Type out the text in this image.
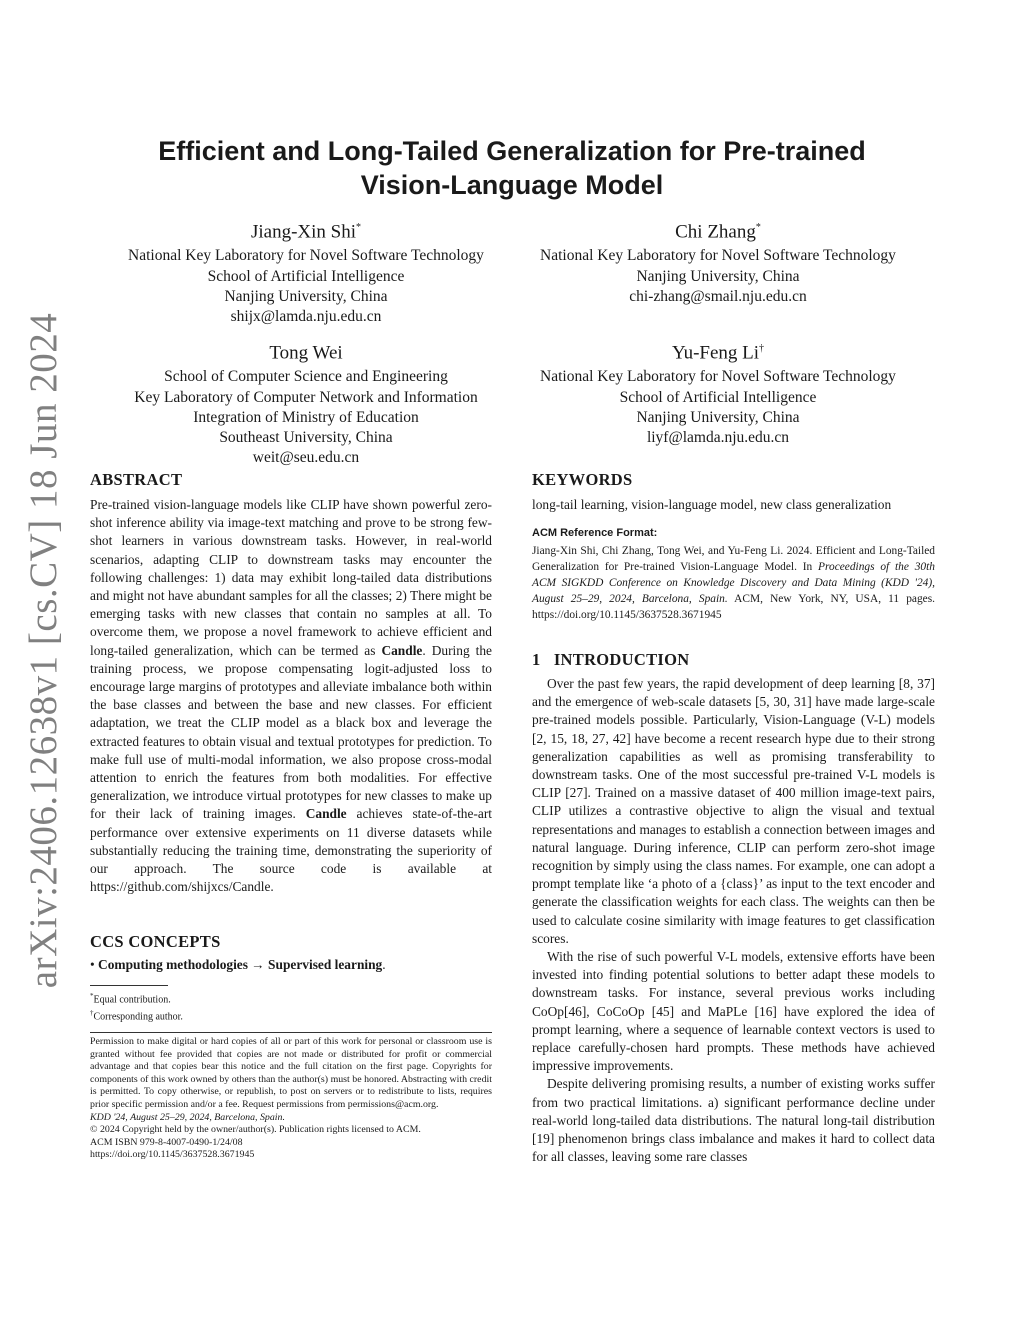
arXiv:2406.12638v1 [cs.CV] 18 Jun 2024
Efficient and Long-Tailed Generalization for Pre-trained
Vision-Language Model
Jiang-Xin Shi*
National Key Laboratory for Novel Software Technology
School of Artificial Intelligence
Nanjing University, China
shijx@lamda.nju.edu.cn
Chi Zhang*
National Key Laboratory for Novel Software Technology
Nanjing University, China
chi-zhang@smail.nju.edu.cn
Tong Wei
School of Computer Science and Engineering
Key Laboratory of Computer Network and Information
Integration of Ministry of Education
Southeast University, China
weit@seu.edu.cn
Yu-Feng Li†
National Key Laboratory for Novel Software Technology
School of Artificial Intelligence
Nanjing University, China
liyf@lamda.nju.edu.cn
ABSTRACT

Pre-trained vision-language models like CLIP have shown powerful zero-shot inference ability via image-text matching and prove to be strong few-shot learners in various downstream tasks. However, in real-world scenarios, adapting CLIP to downstream tasks may encounter the following challenges: 1) data may exhibit long-tailed data distributions and might not have abundant samples for all the classes; 2) There might be emerging tasks with new classes that contain no samples at all. To overcome them, we propose a novel framework to achieve efficient and long-tailed generalization, which can be termed as Candle. During the training process, we propose compensating logit-adjusted loss to encourage large margins of prototypes and alleviate imbalance both within the base classes and between the base and new classes. For efficient adaptation, we treat the CLIP model as a black box and leverage the extracted features to obtain visual and textual prototypes for prediction. To make full use of multi-modal information, we also propose cross-modal attention to enrich the features from both modalities. For effective generalization, we introduce virtual prototypes for new classes to make up for their lack of training images. Candle achieves state-of-the-art performance over extensive experiments on 11 diverse datasets while substantially reducing the training time, demonstrating the superiority of our approach. The source code is available at https://github.com/shijxcs/Candle.

CCS CONCEPTS
• Computing methodologies → Supervised learning.
*Equal contribution.
†Corresponding author.
Permission to make digital or hard copies of all or part of this work for personal or classroom use is granted without fee provided that copies are not made or distributed for profit or commercial advantage and that copies bear this notice and the full citation on the first page. Copyrights for components of this work owned by others than the author(s) must be honored. Abstracting with credit is permitted. To copy otherwise, or republish, to post on servers or to redistribute to lists, requires prior specific permission and/or a fee. Request permissions from permissions@acm.org.
KDD '24, August 25–29, 2024, Barcelona, Spain.
© 2024 Copyright held by the owner/author(s). Publication rights licensed to ACM.
ACM ISBN 979-8-4007-0490-1/24/08
https://doi.org/10.1145/3637528.3671945
KEYWORDS
long-tail learning, vision-language model, new class generalization
ACM Reference Format:
Jiang-Xin Shi, Chi Zhang, Tong Wei, and Yu-Feng Li. 2024. Efficient and Long-Tailed Generalization for Pre-trained Vision-Language Model. In Proceedings of the 30th ACM SIGKDD Conference on Knowledge Discovery and Data Mining (KDD '24), August 25–29, 2024, Barcelona, Spain. ACM, New York, NY, USA, 11 pages. https://doi.org/10.1145/3637528.3671945
1   INTRODUCTION

Over the past few years, the rapid development of deep learning [8, 37] and the emergence of web-scale datasets [5, 30, 31] have made large-scale pre-trained models possible. Particularly, Vision-Language (V-L) models [2, 15, 18, 27, 42] have become a recent research hype due to their strong generalization capabilities as well as promising transferability to downstream tasks. One of the most successful pre-trained V-L models is CLIP [27]. Trained on a massive dataset of 400 million image-text pairs, CLIP utilizes a contrastive objective to align the visual and textual representations and manages to establish a connection between images and natural language. During inference, CLIP can perform zero-shot image recognition by simply using the class names. For example, one can adopt a prompt template like ‘a photo of a {class}’ as input to the text encoder and generate the classification weights for each class. The weights can then be used to calculate cosine similarity with image features to get classification scores.

With the rise of such powerful V-L models, extensive efforts have been invested into finding potential solutions to better adapt these models to downstream tasks. For instance, several previous works including CoOp[46], CoCoOp [45] and MaPLe [16] have explored the idea of prompt learning, where a sequence of learnable context vectors is used to replace carefully-chosen hard prompts. These methods have achieved impressive improvements.

Despite delivering promising results, a number of existing works suffer from two practical limitations. a) significant performance decline under real-world long-tailed data distributions. The natural long-tail distribution [19] phenomenon brings class imbalance and makes it hard to collect data for all classes, leaving some rare classes
